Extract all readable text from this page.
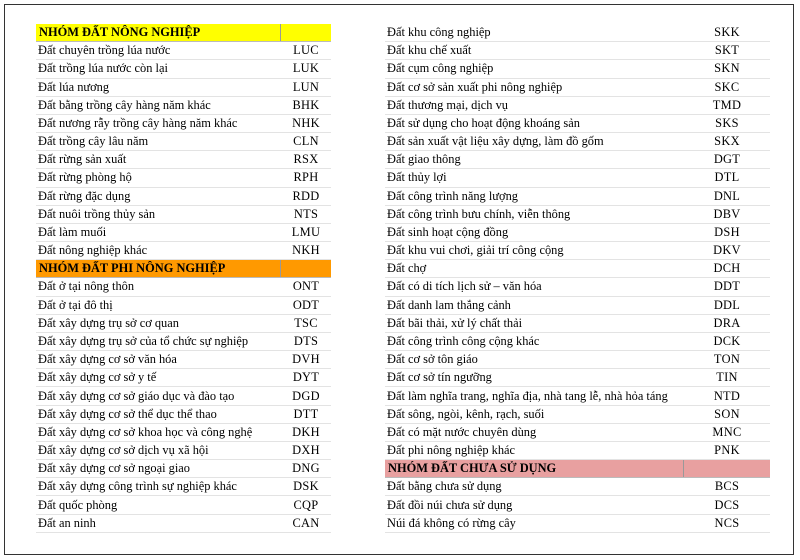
NHÓM ĐẤT NÔNG NGHIỆP
Đất chuyên trồng lúa nước	LUC
Đất trồng lúa nước còn lại	LUK
Đất lúa nương	LUN
Đất bằng trồng cây hàng năm khác	BHK
Đất nương rẫy trồng cây hàng năm khác	NHK
Đất trồng cây lâu năm	CLN
Đất rừng sản xuất	RSX
Đất rừng phòng hộ	RPH
Đất rừng đặc dụng	RDD
Đất nuôi trồng thủy sản	NTS
Đất làm muối	LMU
Đất nông nghiệp khác	NKH
NHÓM ĐẤT PHI NÔNG NGHIỆP
Đất ở tại nông thôn	ONT
Đất ở tại đô thị	ODT
Đất xây dựng trụ sở cơ quan	TSC
Đất xây dựng trụ sở của tổ chức sự nghiệp	DTS
Đất xây dựng cơ sở văn hóa	DVH
Đất xây dựng cơ sở y tế	DYT
Đất xây dựng cơ sở giáo dục và đào tạo	DGD
Đất xây dựng cơ sở thể dục thể thao	DTT
Đất xây dựng cơ sở khoa học và công nghệ	DKH
Đất xây dựng cơ sở dịch vụ xã hội	DXH
Đất xây dựng cơ sở ngoại giao	DNG
Đất xây dựng công trình sự nghiệp khác	DSK
Đất quốc phòng	CQP
Đất an ninh	CAN
Đất khu công nghiệp	SKK
Đất khu chế xuất	SKT
Đất cụm công nghiệp	SKN
Đất cơ sở sản xuất phi nông nghiệp	SKC
Đất thương mại, dịch vụ	TMD
Đất sử dụng cho hoạt động khoáng sản	SKS
Đất sản xuất vật liệu xây dựng, làm đồ gốm	SKX
Đất giao thông	DGT
Đất thủy lợi	DTL
Đất công trình năng lượng	DNL
Đất công trình bưu chính, viễn thông	DBV
Đất sinh hoạt cộng đồng	DSH
Đất khu vui chơi, giải trí công cộng	DKV
Đất chợ	DCH
Đất có di tích lịch sử – văn hóa	DDT
Đất danh lam thắng cảnh	DDL
Đất bãi thải, xử lý chất thải	DRA
Đất công trình công cộng khác	DCK
Đất cơ sở tôn giáo	TON
Đất cơ sở tín ngưỡng	TIN
Đất làm nghĩa trang, nghĩa địa, nhà tang lễ, nhà hỏa táng	NTD
Đất sông, ngòi, kênh, rạch, suối	SON
Đất có mặt nước chuyên dùng	MNC
Đất phi nông nghiệp khác	PNK
NHÓM ĐẤT CHƯA SỬ DỤNG
Đất bằng chưa sử dụng	BCS
Đất đồi núi chưa sử dụng	DCS
Núi đá không có rừng cây	NCS
